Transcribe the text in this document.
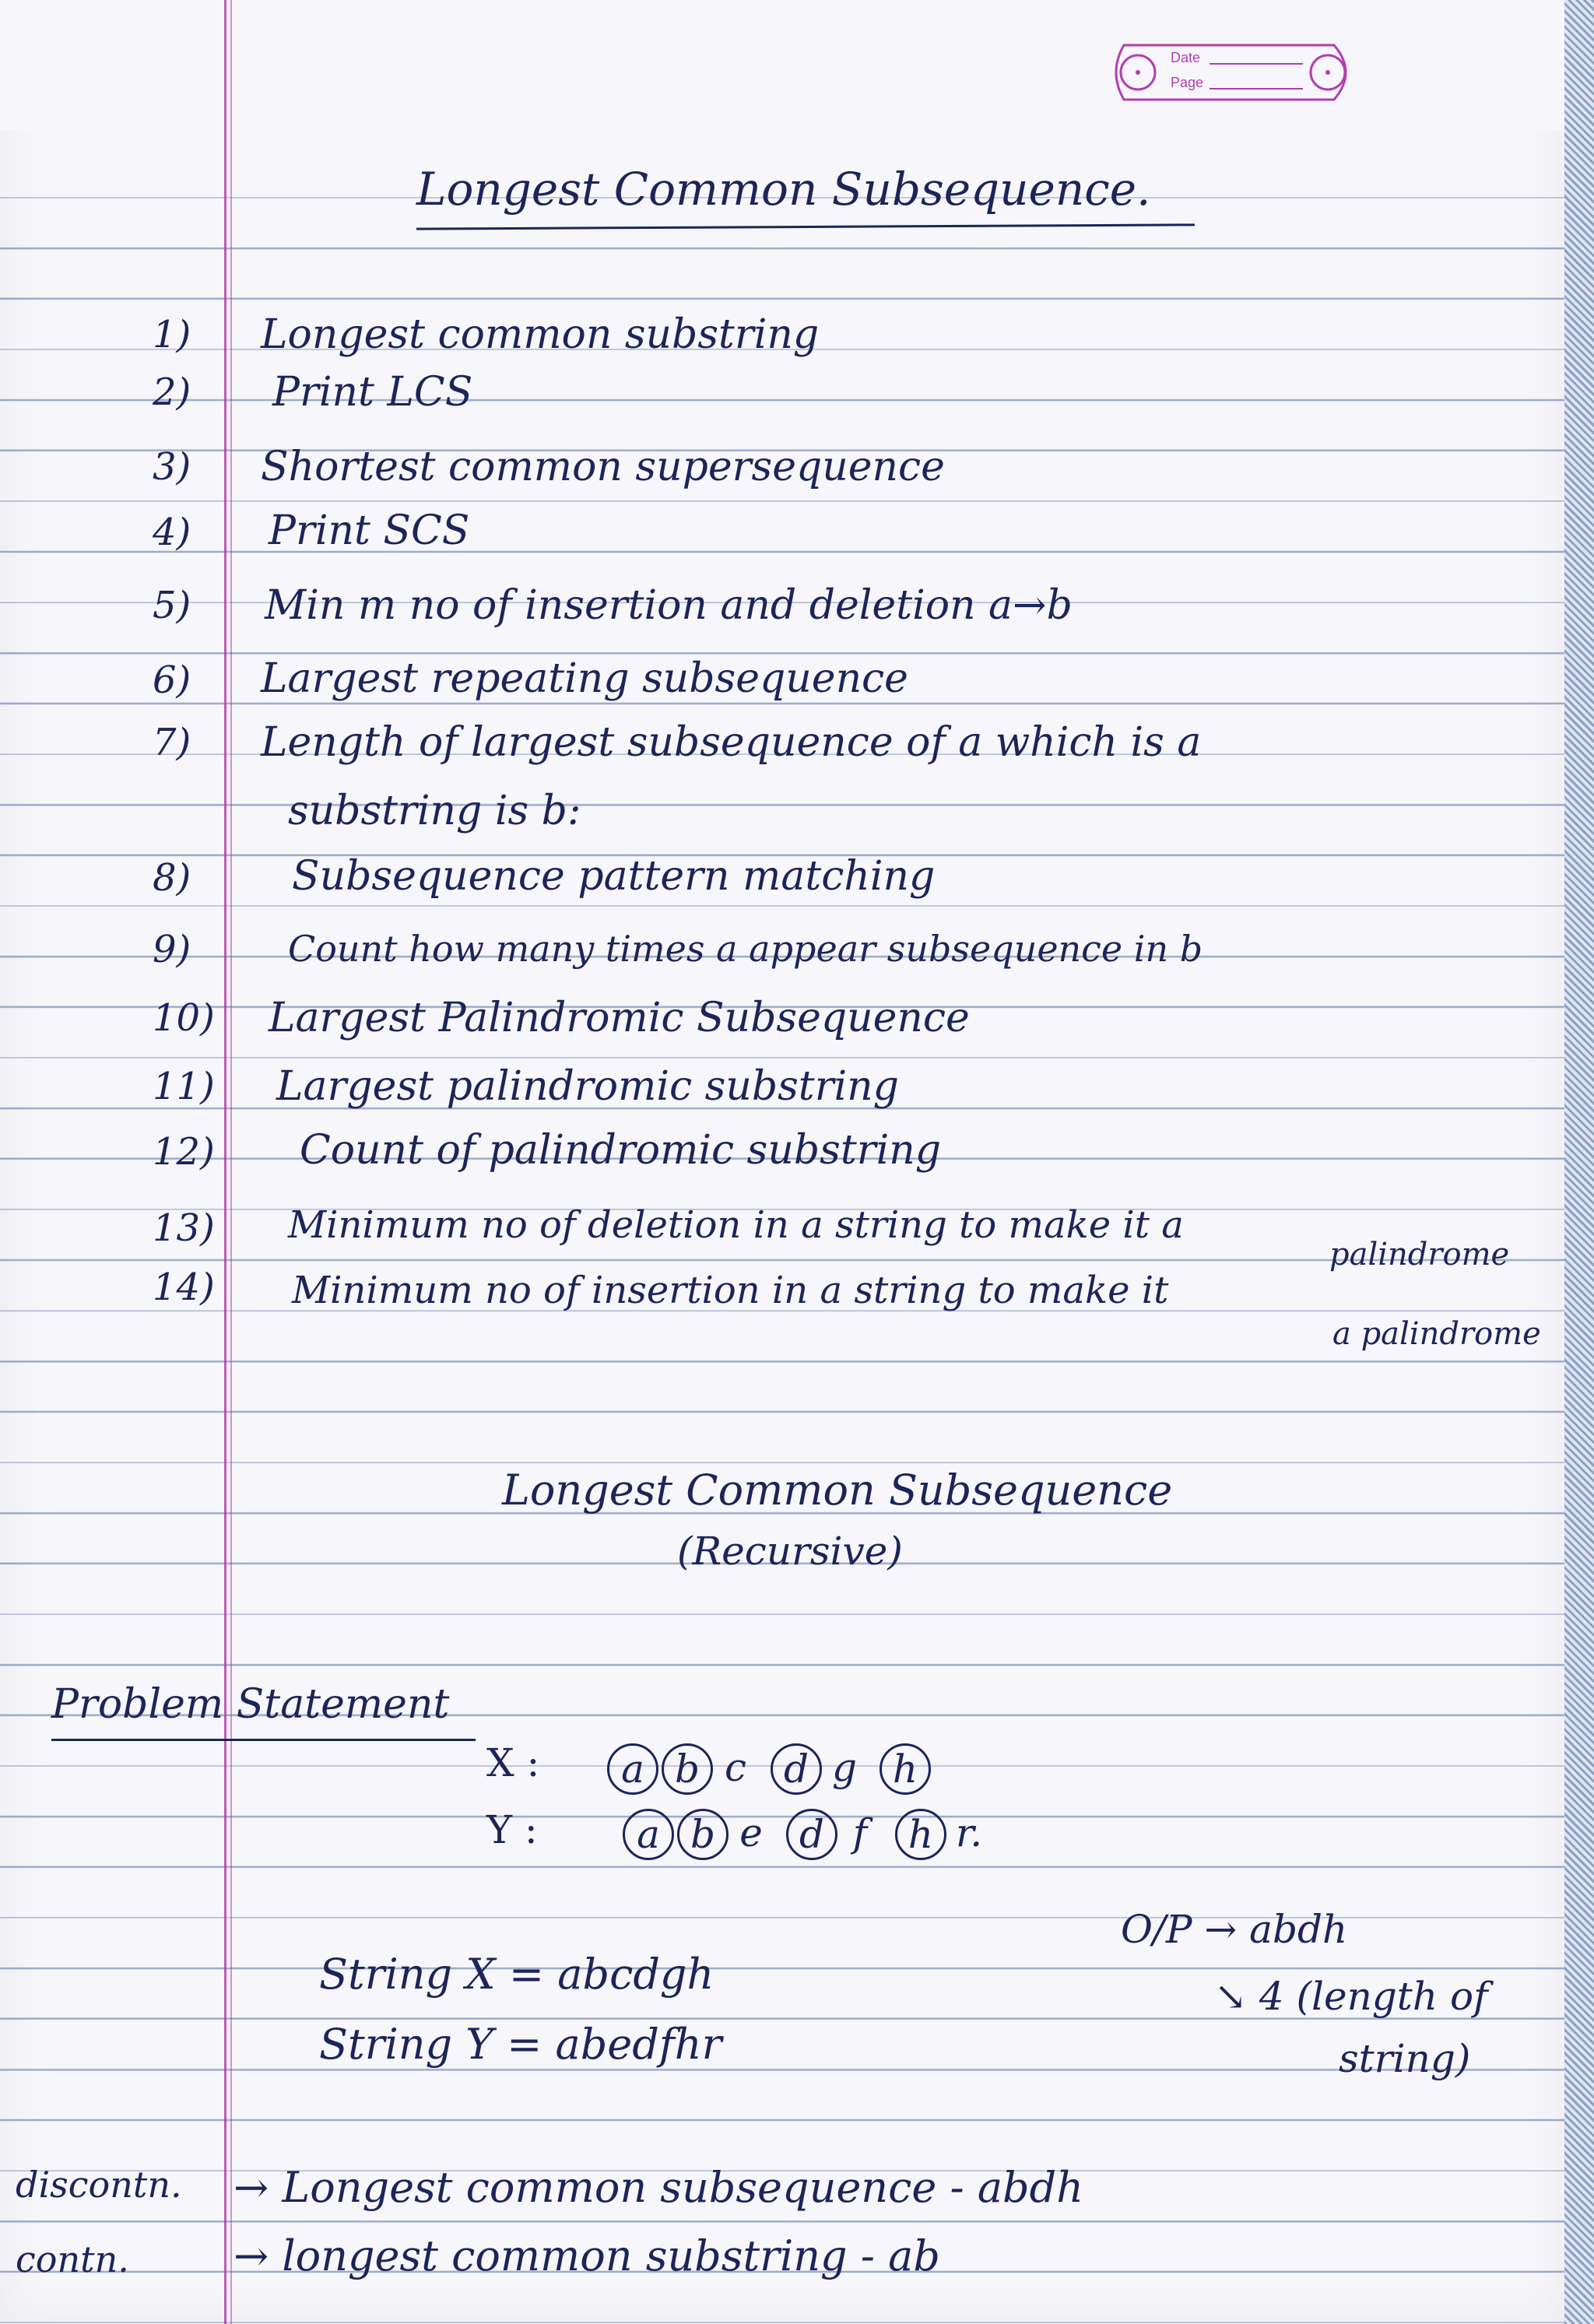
Date
Page
Longest Common Subsequence.
1) Longest common substring
2) Print LCS
3) Shortest common supersequence
4) Print SCS
5) Min m no of insertion and deletion a→b
6) Largest repeating subsequence
7) Length of largest subsequence of a which is a
substring is b:
8) Subsequence pattern matching
9)	Count how many times a appear subsequence in b
10) Largest Palindromic Subsequence
11) Largest palindromic substring
12) Count of palindromic substring
13) Minimum no of deletion in a string to make it a
palindrome
14) Minimum no of insertion in a string to make it
a palindrome
Longest Common Subsequence
(Recursive)
Problem Statement
X :
Y :
a b c d g h
a b e d f	h r.
String X = abcdgh
String Y = abedfhr
O/P → abdh
↘ 4 (length of
string)
discontn. → Longest common subsequence - abdh
contn. → longest common substring - ab
